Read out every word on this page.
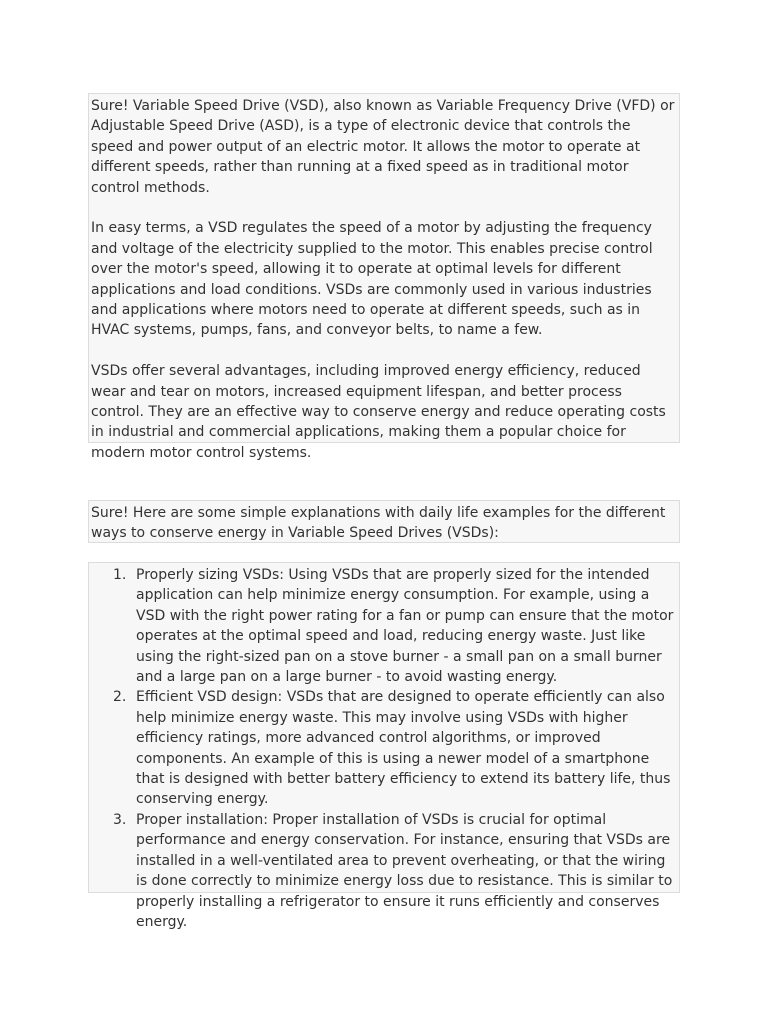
Sure! Variable Speed Drive (VSD), also known as Variable Frequency Drive (VFD) or Adjustable Speed Drive (ASD), is a type of electronic device that controls the speed and power output of an electric motor. It allows the motor to operate at different speeds, rather than running at a fixed speed as in traditional motor control methods.

In easy terms, a VSD regulates the speed of a motor by adjusting the frequency and voltage of the electricity supplied to the motor. This enables precise control over the motor's speed, allowing it to operate at optimal levels for different applications and load conditions. VSDs are commonly used in various industries and applications where motors need to operate at different speeds, such as in HVAC systems, pumps, fans, and conveyor belts, to name a few.

VSDs offer several advantages, including improved energy efficiency, reduced wear and tear on motors, increased equipment lifespan, and better process control. They are an effective way to conserve energy and reduce operating costs in industrial and commercial applications, making them a popular choice for modern motor control systems.

Sure! Here are some simple explanations with daily life examples for the different ways to conserve energy in Variable Speed Drives (VSDs):

1. Properly sizing VSDs: Using VSDs that are properly sized for the intended application can help minimize energy consumption. For example, using a VSD with the right power rating for a fan or pump can ensure that the motor operates at the optimal speed and load, reducing energy waste. Just like using the right-sized pan on a stove burner - a small pan on a small burner and a large pan on a large burner - to avoid wasting energy.
2. Efficient VSD design: VSDs that are designed to operate efficiently can also help minimize energy waste. This may involve using VSDs with higher efficiency ratings, more advanced control algorithms, or improved components. An example of this is using a newer model of a smartphone that is designed with better battery efficiency to extend its battery life, thus conserving energy.
3. Proper installation: Proper installation of VSDs is crucial for optimal performance and energy conservation. For instance, ensuring that VSDs are installed in a well-ventilated area to prevent overheating, or that the wiring is done correctly to minimize energy loss due to resistance. This is similar to properly installing a refrigerator to ensure it runs efficiently and conserves energy.
